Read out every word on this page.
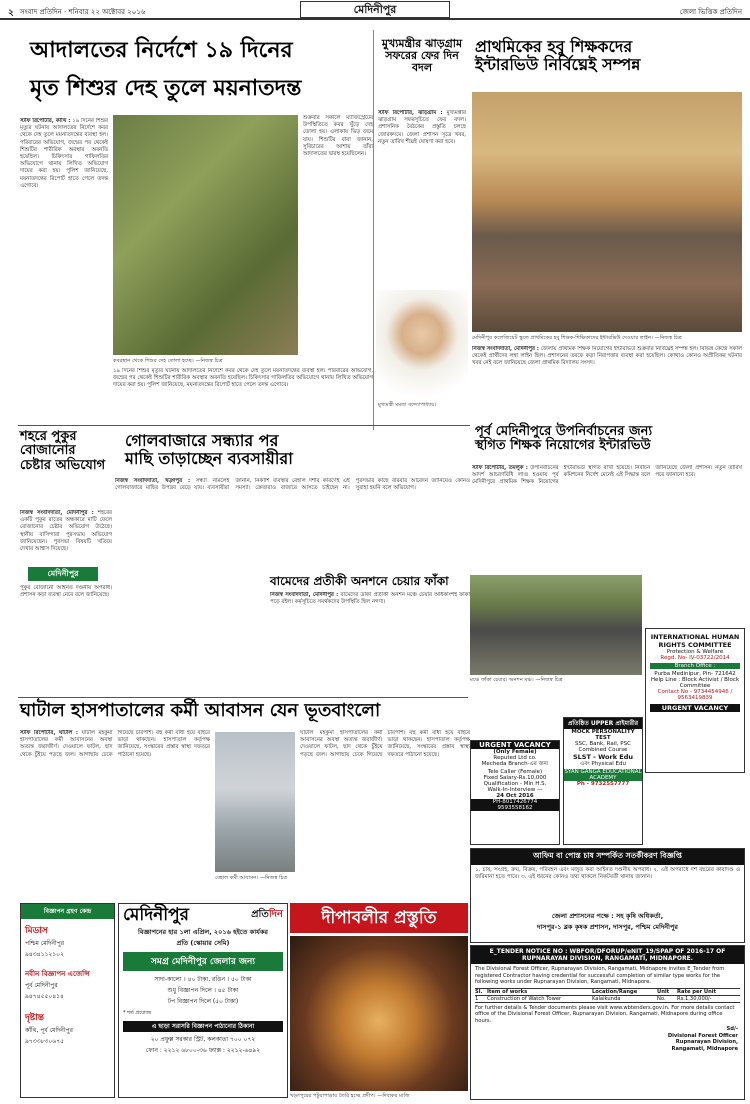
২ সংবাদ প্রতিদিন · শনিবার ২২ অক্টোবর ২০১৬	মেদিনীপুর	জেলা ভিত্তিক প্রতিদিন
আদালতের নির্দেশে ১৯ দিনের
মৃত শিশুর দেহ তুলে ময়নাতদন্ত
স্টাফ রিপোর্টার, কাঁথি : ১৯ দিনের শিশুর মৃত্যুর ঘটনায় আদালতের নির্দেশে কবর থেকে দেহ তুলে ময়নাতদন্তের ব্যবস্থা হল। পরিবারের অভিযোগ, জন্মের পর থেকেই শিশুটির শারীরিক অবস্থার অবনতি হয়েছিল। চিকিৎসার গাফিলতির অভিযোগে থানায় লিখিত অভিযোগ দায়ের করা হয়। পুলিশ জানিয়েছে, ময়নাতদন্তের রিপোর্ট হাতে পেলে তদন্ত এগোবে।
শুক্রবার সকালে ম্যাজিস্ট্রেটের উপস্থিতিতে কবর খুঁড়ে দেহ তোলা হয়। এলাকায় ভিড় জমে যায়। শিশুটির বাবা জানান, সুবিচারের আশায় তাঁরা আদালতের দ্বারস্থ হয়েছিলেন।
কবরস্থান থেকে শিশুর দেহ তোলা হচ্ছে। —নিজস্ব চিত্র
১৯ দিনের শিশুর মৃত্যুর ঘটনায় আদালতের নির্দেশে কবর থেকে দেহ তুলে ময়নাতদন্তের ব্যবস্থা হল। পরিবারের অভিযোগ, জন্মের পর থেকেই শিশুটির শারীরিক অবস্থার অবনতি হয়েছিল। চিকিৎসার গাফিলতির অভিযোগে থানায় লিখিত অভিযোগ দায়ের করা হয়। পুলিশ জানিয়েছে, ময়নাতদন্তের রিপোর্ট হাতে পেলে তদন্ত এগোবে।
মুখ্যমন্ত্রীর ঝাড়গ্রাম সফরের ফের দিন বদল
স্টাফ রিপোর্টার, ঝাড়গ্রাম : মুখ্যমন্ত্রীর ঝাড়গ্রাম সফরসূচিতে ফের বদল। প্রশাসনিক বৈঠকের প্রস্তুতি চলছে জোরকদমে। জেলা প্রশাসন সূত্রে খবর, নতুন তারিখ শীঘ্রই ঘোষণা করা হবে।
মুখ্যমন্ত্রী মমতা বন্দ্যোপাধ্যায়।
প্রাথমিকের হবু শিক্ষকদের
ইন্টারভিউ নির্বিঘ্নেই সম্পন্ন
মেদিনীপুর কলেজিয়েট স্কুলে প্রাথমিকের হবু শিক্ষক-শিক্ষিকাদের ইন্টারভিউ দেওয়ার লাইন। —নিজস্ব চিত্র
নিজস্ব সংবাদদাতা, মেদিনীপুর : জেলায় প্রাথমিক শিক্ষক নিয়োগের ইন্টারভিউ শুক্রবার নির্বিঘ্নেই সম্পন্ন হল। বিভিন্ন কেন্দ্রে সকাল থেকেই প্রার্থীদের লম্বা লাইন ছিল। প্রশাসনের তরফে কড়া নিরাপত্তার ব্যবস্থা করা হয়েছিল। কোথাও কোনও অপ্রীতিকর ঘটনার খবর নেই বলে জানিয়েছে জেলা প্রাথমিক বিদ্যালয় সংসদ।
শহরে পুকুর বোজানোর চেষ্টার অভিযোগ
নিজস্ব সংবাদদাতা, মেদিনীপুর : শহরের একটি পুকুর রাতের অন্ধকারে মাটি ফেলে বোজানোর চেষ্টার অভিযোগ উঠেছে। স্থানীয় বাসিন্দারা পুরসভায় অভিযোগ জানিয়েছেন। পুরসভা বিষয়টি খতিয়ে দেখার আশ্বাস দিয়েছে।
মেদিনীপুর
পুকুর বোজানো আইনত দণ্ডনীয় অপরাধ। প্রশাসন কড়া ব্যবস্থা নেবে বলে জানিয়েছে।
গোলবাজারে সন্ধ্যার পর
মাছি তাড়াচ্ছেন ব্যবসায়ীরা
নিজস্ব সংবাদদাতা, খড়্গপুর : সন্ধ্যা নামলেই গোলবাজারে মাছির উপদ্রব বেড়ে যায়। ব্যবসায়ীরা জানান, নিকাশি ব্যবস্থার বেহাল দশার কারণেই এই সমস্যা। ক্রেতারাও বাজারে আসতে চাইছেন না। পুরসভার কাছে বারবার আবেদন জানিয়েও কোনও সুরাহা হয়নি বলে অভিযোগ।
পূর্ব মেদিনীপুরে উপনির্বাচনের জন্য
স্থগিত শিক্ষক নিয়োগের ইন্টারভিউ
স্টাফ রিপোর্টার, তমলুক : উপনির্বাচনের আদর্শ আচরণবিধি লাগু হওয়ায় পূর্ব মেদিনীপুরে প্রাথমিক শিক্ষক নিয়োগের ইন্টারভিউ স্থগিত রাখা হয়েছে। নির্বাচন কমিশনের নির্দেশ মেনেই এই সিদ্ধান্ত বলে জানিয়েছে জেলা প্রশাসন। নতুন তারিখ পরে জানানো হবে।
বামেদের প্রতীকী অনশনে চেয়ার ফাঁকা
নিজস্ব সংবাদদাতা, মেদিনীপুর : বামেদের ডাকা প্রতীকী অনশন মঞ্চে চেয়ার অধিকাংশই ফাঁকা পড়ে রইল। কর্মসূচিতে সমর্থকদের উপস্থিতি ছিল নগণ্য।
মঞ্চে ফাঁকা চেয়ার। অনশন মঞ্চ। —নিজস্ব চিত্র
INTERNATIONAL HUMAN RIGHTS COMMITTEE
Protection & Welfare
Regd. No- IV-03722/2014
Branch Office :
Purba Medinipur, Pin- 721642
Help Line : Block Activist / Block Committee
Contact No - 9734454946 / 9563419839
URGENT VACANCY
ঘাটাল হাসপাতালের কর্মী আবাসন যেন ভূতবাংলো
স্টাফ রিপোর্টার, ঘাটাল : ঘাটাল মহকুমা হাসপাতালের কর্মী আবাসনের অবস্থা অত্যন্ত জরাজীর্ণ। দেওয়ালে ফাটল, ছাদ থেকে চুঁইয়ে পড়ছে জল। আগাছায় ঢেকে গিয়েছে চারপাশ। বহু কর্মী বাধ্য হয়ে বাইরে ভাড়া থাকছেন। হাসপাতাল কর্তৃপক্ষ জানিয়েছে, সংস্কারের প্রস্তাব স্বাস্থ্য দফতরে পাঠানো হয়েছে।
বেহাল কর্মী আবাসন। —নিজস্ব চিত্র
ঘাটাল মহকুমা হাসপাতালের কর্মী আবাসনের অবস্থা অত্যন্ত জরাজীর্ণ। দেওয়ালে ফাটল, ছাদ থেকে চুঁইয়ে পড়ছে জল। আগাছায় ঢেকে গিয়েছে চারপাশ। বহু কর্মী বাধ্য হয়ে বাইরে ভাড়া থাকছেন। হাসপাতাল কর্তৃপক্ষ জানিয়েছে, সংস্কারের প্রস্তাব স্বাস্থ্য দফতরে পাঠানো হয়েছে।
URGENT VACANCY
(Only Female)
Reputed Ltd co.
Mecheda Branch-এর জন্য
Tele Caller (Female)
Fixed Salary-Rs.10,000
Qualification - Min H.S.
Walk-In-Interview —
24 Oct 2016
PH-8017426774
9593558162
প্রতিষ্ঠিত UPPER প্রাইমারীর
MOCK PERSONALITY TEST
SSC, Bank, Rail, PSC
Combined Course
SLST - Work Edu
এবং Physical Edu
SYAN GANGA EDUCATIONAL ACADEMY
Ph - 9732557777
আফিম বা পোস্ত চাষ সম্পর্কিত সতর্কীকরণ বিজ্ঞপ্তি
১. চাষ, সংগ্রহ, ক্রয়, বিক্রয়, পরিবহন এবং মজুত করা আইনত দণ্ডনীয় অপরাধ। ২. এই অপরাধে দশ বছরের কারাদণ্ড ও জরিমানা হতে পারে। ৩. এই ধরনের কোনও তথ্য থাকলে নিকটবর্তী থানায় জানান।
জেলা প্রশাসনের পক্ষে : সহ কৃষি অধিকর্তা,
দাসপুর-১ ব্লক কৃষক প্রশাসন, দাসপুর, পশ্চিম মেদিনীপুর
E_TENDER NOTICE NO : WBFOR/DFORUP/eNIT_19/SPAP OF 2016-17 OF RUPNARAYAN DIVISION, RANGAMATI, MIDNAPORE.
The Divisional Forest Officer, Rupnarayan Division, Rangamati, Midnapore invites E_Tender from registered Contractor having credential for successful completion of similar type works for the following works under Rupnarayan Division, Rangamati, Midnapore.
Sl. Item of works	Location/Range	Unit	Rate per Unit
1	Construction of Watch Tower	Kalaikunda	No.	Rs.1,30,000/-
For further details & Tender documents please visit www.wbtenders.gov.in. For more details contact office of the Divisional Forest Officer, Rupnarayan Division, Rangamati, Midnapore during office hours.
Sd/-
Divisional Forest Officer
Rupnarayan Division,
Rangamati, Midnapore
বিজ্ঞাপন গ্রহণ কেন্দ্র
মিডাস
পশ্চিম মেদিনীপুর
৯৪৩৪১১২১০২
নবীন বিজ্ঞাপন এজেন্সি
পূর্ব মেদিনীপুর
৯৪৭৪৫৫০৪১৪
দৃষ্টান্ত
কাঁথি, পূর্ব মেদিনীপুর
৯৭৩৩৮৩০৬৭৫
মেদিনীপুর	প্রতিদিন
বিজ্ঞাপনের হার ১লা এপ্রিল, ২০১৬ হইতে কার্যকর
প্রতি (স্কোয়ার সেমি)
সমগ্র মেদিনীপুর জেলার জন্য
সাদা-কালো । ৪০ টাকা, রঙিন । ৫০ টাকা
শুধু বিজ্ঞাপন দিলে । ৪৫ টাকা
টপ বিজ্ঞাপন দিলে (৫০ টাকা)
* শর্ত প্রযোজ্য
এ ছাড়া সরাসরি বিজ্ঞাপন পাঠানোর ঠিকানা
২০ প্রফুল্ল সরকার স্ট্রিট, কলকাতা ৭০০ ০৭২
ফোন : ২২১২ ৬৮০০-৩৬ ফ্যাক্স : ২২১২-৬৪৯২
দীপাবলীর প্রস্তুতি
খড়্গপুরের পটুয়াপাড়ায় তৈরি হচ্ছে প্রদীপ। —দিবাকর মাজি
